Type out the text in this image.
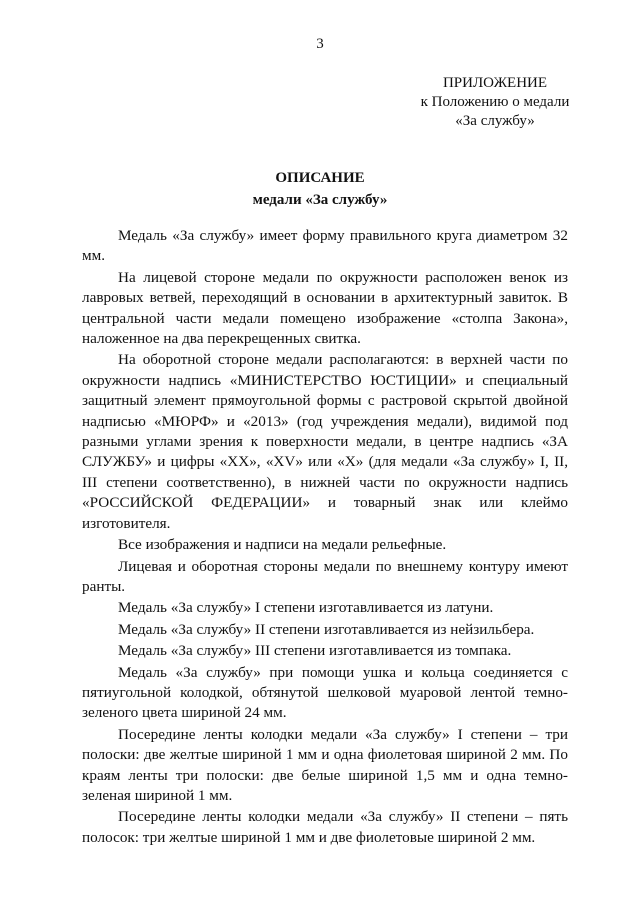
3
ПРИЛОЖЕНИЕ
к Положению о медали
«За службу»
ОПИСАНИЕ
медали «За службу»

Медаль «За службу» имеет форму правильного круга диаметром 32 мм.

На лицевой стороне медали по окружности расположен венок из лавровых ветвей, переходящий в основании в архитектурный завиток. В центральной части медали помещено изображение «столпа Закона», наложенное на два перекрещенных свитка.

На оборотной стороне медали располагаются: в верхней части по окружности надпись «МИНИСТЕРСТВО ЮСТИЦИИ» и специальный защитный элемент прямоугольной формы с растровой скрытой двойной надписью «МЮРФ» и «2013» (год учреждения медали), видимой под разными углами зрения к поверхности медали, в центре надпись «ЗА СЛУЖБУ» и цифры «XX», «XV» или «X» (для медали «За службу» I, II, III степени соответственно), в нижней части по окружности надпись «РОССИЙСКОЙ ФЕДЕРАЦИИ» и товарный знак или клеймо изготовителя.

Все изображения и надписи на медали рельефные.

Лицевая и оборотная стороны медали по внешнему контуру имеют ранты.

Медаль «За службу» I степени изготавливается из латуни.

Медаль «За службу» II степени изготавливается из нейзильбера.

Медаль «За службу» III степени изготавливается из томпака.

Медаль «За службу» при помощи ушка и кольца соединяется с пятиугольной колодкой, обтянутой шелковой муаровой лентой темно-зеленого цвета шириной 24 мм.

Посередине ленты колодки медали «За службу» I степени – три полоски: две желтые шириной 1 мм и одна фиолетовая шириной 2 мм. По краям ленты три полоски: две белые шириной 1,5 мм и одна темно-зеленая шириной 1 мм.

Посередине ленты колодки медали «За службу» II степени – пять полосок: три желтые шириной 1 мм и две фиолетовые шириной 2 мм.
